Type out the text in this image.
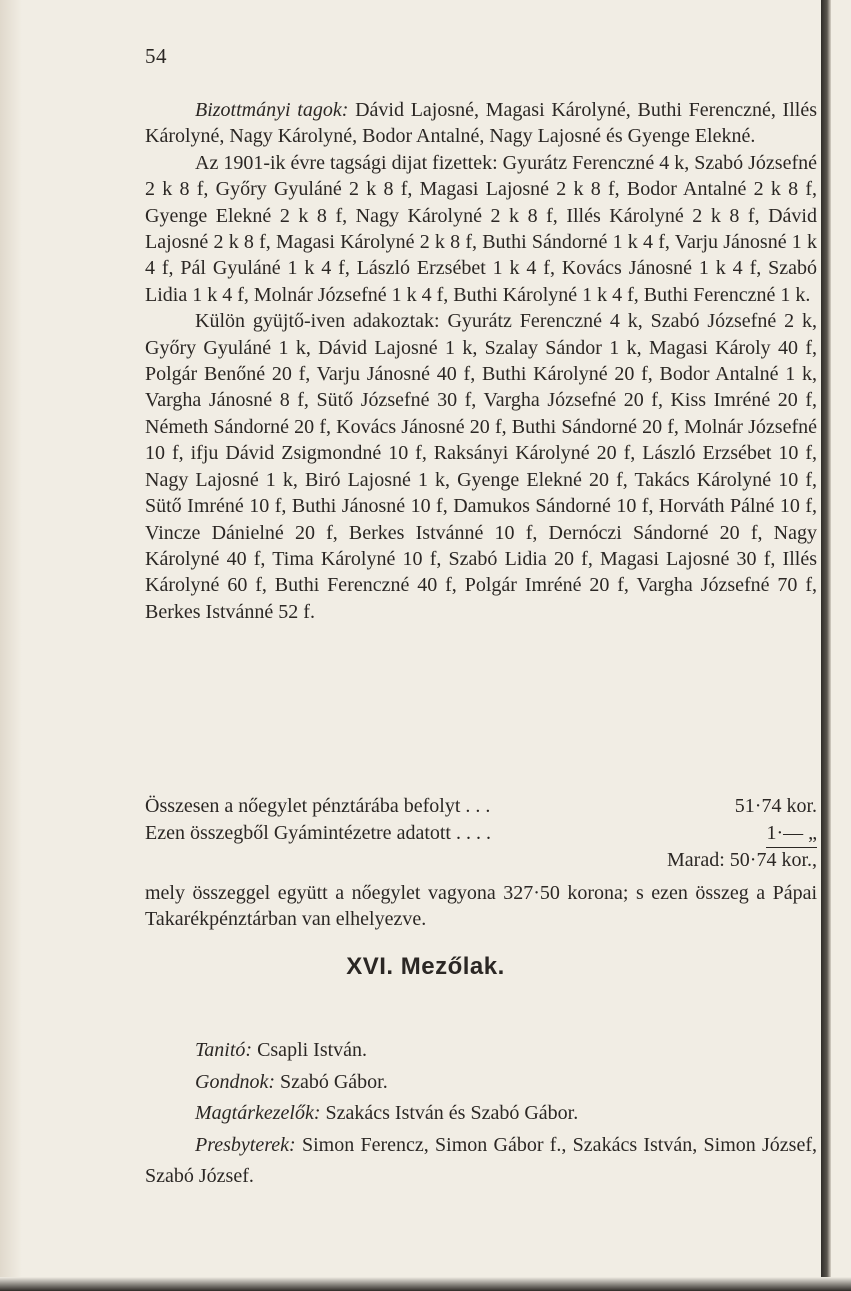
54

Bizottmányi tagok: Dávid Lajosné, Magasi Károlyné, Buthi Ferenczné, Illés Károlyné, Nagy Károlyné, Bodor Antalné, Nagy Lajosné és Gyenge Elekné.

Az 1901-ik évre tagsági dijat fizettek: Gyurátz Ferenczné 4 k, Szabó Józsefné 2 k 8 f, Győry Gyuláné 2 k 8 f, Magasi Lajosné 2 k 8 f, Bodor Antalné 2 k 8 f, Gyenge Elekné 2 k 8 f, Nagy Károlyné 2 k 8 f, Illés Károlyné 2 k 8 f, Dávid Lajosné 2 k 8 f, Magasi Károlyné 2 k 8 f, Buthi Sándorné 1 k 4 f, Varju Jánosné 1 k 4 f, Pál Gyuláné 1 k 4 f, László Erzsébet 1 k 4 f, Kovács Jánosné 1 k 4 f, Szabó Lidia 1 k 4 f, Molnár Józsefné 1 k 4 f, Buthi Károlyné 1 k 4 f, Buthi Ferenczné 1 k.

Külön gyüjtő-iven adakoztak: Gyurátz Ferenczné 4 k, Szabó Józsefné 2 k, Győry Gyuláné 1 k, Dávid Lajosné 1 k, Szalay Sándor 1 k, Magasi Károly 40 f, Polgár Benőné 20 f, Varju Jánosné 40 f, Buthi Károlyné 20 f, Bodor Antalné 1 k, Vargha Jánosné 8 f, Sütő Józsefné 30 f, Vargha Józsefné 20 f, Kiss Imréné 20 f, Németh Sándorné 20 f, Kovács Jánosné 20 f, Buthi Sándorné 20 f, Molnár Józsefné 10 f, ifju Dávid Zsigmondné 10 f, Raksányi Károlyné 20 f, László Erzsébet 10 f, Nagy Lajosné 1 k, Biró Lajosné 1 k, Gyenge Elekné 20 f, Takács Károlyné 10 f, Sütő Imréné 10 f, Buthi Jánosné 10 f, Damukos Sándorné 10 f, Horváth Pálné 10 f, Vincze Dánielné 20 f, Berkes Istvánné 10 f, Dernóczi Sándorné 20 f, Nagy Károlyné 40 f, Tima Károlyné 10 f, Szabó Lidia 20 f, Magasi Lajosné 30 f, Illés Károlyné 60 f, Buthi Ferenczné 40 f, Polgár Imréné 20 f, Vargha Józsefné 70 f, Berkes Istvánné 52 f.

Összesen a nőegylet pénztárába befolyt . . .	51·74 kor.
Ezen összegből Gyámintézetre adatott . . . .	1·— „
Marad: 50·74 kor.,

mely összeggel együtt a nőegylet vagyona 327·50 korona; s ezen összeg a Pápai Takarékpénztárban van elhelyezve.

XVI. Mezőlak.

Tanitó: Csapli István.

Gondnok: Szabó Gábor.

Magtárkezelők: Szakács István és Szabó Gábor.

Presbyterek: Simon Ferencz, Simon Gábor f., Szakács István, Simon József, Szabó József.
